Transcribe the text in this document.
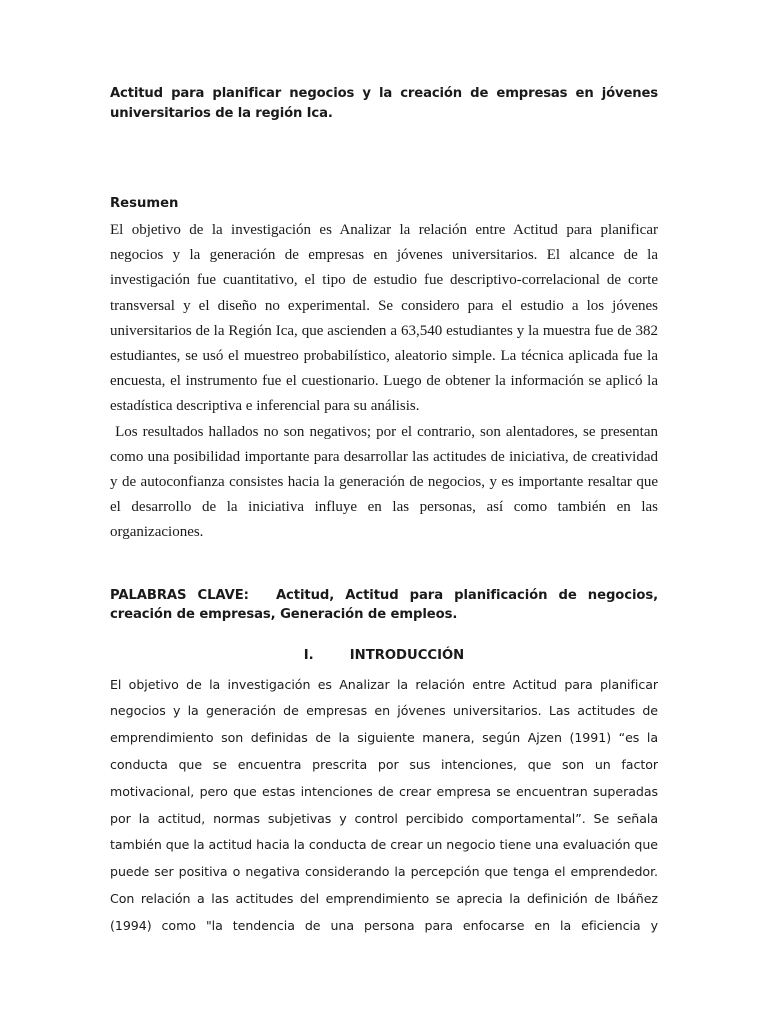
Actitud para planificar negocios y la creación de empresas en jóvenes universitarios de la región Ica.
Resumen

El objetivo de la investigación es Analizar la relación entre Actitud para planificar negocios y la generación de empresas en jóvenes universitarios. El alcance de la investigación fue cuantitativo, el tipo de estudio fue descriptivo-correlacional de corte transversal y el diseño no experimental. Se considero para el estudio a los jóvenes universitarios de la Región Ica, que ascienden a 63,540 estudiantes y la muestra fue de 382 estudiantes, se usó el muestreo probabilístico, aleatorio simple. La técnica aplicada fue la encuesta, el instrumento fue el cuestionario. Luego de obtener la información se aplicó la estadística descriptiva e inferencial para su análisis.

Los resultados hallados no son negativos; por el contrario, son alentadores, se presentan como una posibilidad importante para desarrollar las actitudes de iniciativa, de creatividad y de autoconfianza consistes hacia la generación de negocios, y es importante resaltar que el desarrollo de la iniciativa influye en las personas, así como también en las organizaciones.

PALABRAS CLAVE: Actitud, Actitud para planificación de negocios, creación de empresas, Generación de empleos.

I.	INTRODUCCIÓN

El objetivo de la investigación es Analizar la relación entre Actitud para planificar negocios y la generación de empresas en jóvenes universitarios. Las actitudes de emprendimiento son definidas de la siguiente manera, según Ajzen (1991) “es la conducta que se encuentra prescrita por sus intenciones, que son un factor motivacional, pero que estas intenciones de crear empresa se encuentran superadas por la actitud, normas subjetivas y control percibido comportamental”. Se señala también que la actitud hacia la conducta de crear un negocio tiene una evaluación que puede ser positiva o negativa considerando la percepción que tenga el emprendedor. Con relación a las actitudes del emprendimiento se aprecia la definición de Ibáñez (1994) como "la tendencia de una persona para enfocarse en la eficiencia y
